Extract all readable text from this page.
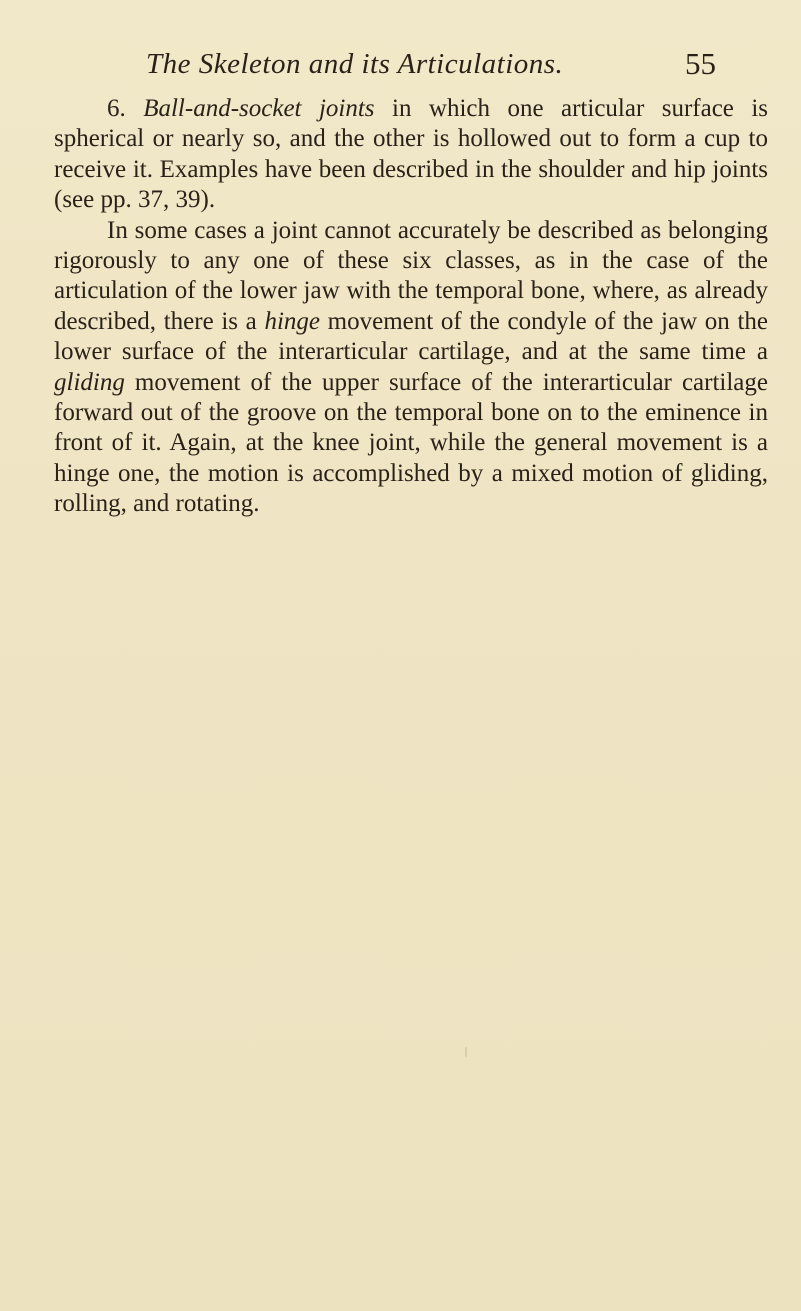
The Skeleton and its Articulations.	55

6. Ball-and-socket joints in which one articular surface is spherical or nearly so, and the other is hollowed out to form a cup to receive it. Examples have been described in the shoulder and hip joints (see pp. 37, 39).

In some cases a joint cannot accurately be described as belonging rigorously to any one of these six classes, as in the case of the articulation of the lower jaw with the temporal bone, where, as already described, there is a hinge movement of the condyle of the jaw on the lower surface of the interarticular cartilage, and at the same time a gliding movement of the upper surface of the interarticular cartilage forward out of the groove on the temporal bone on to the eminence in front of it. Again, at the knee joint, while the general movement is a hinge one, the motion is accomplished by a mixed motion of gliding, rolling, and rotating.
